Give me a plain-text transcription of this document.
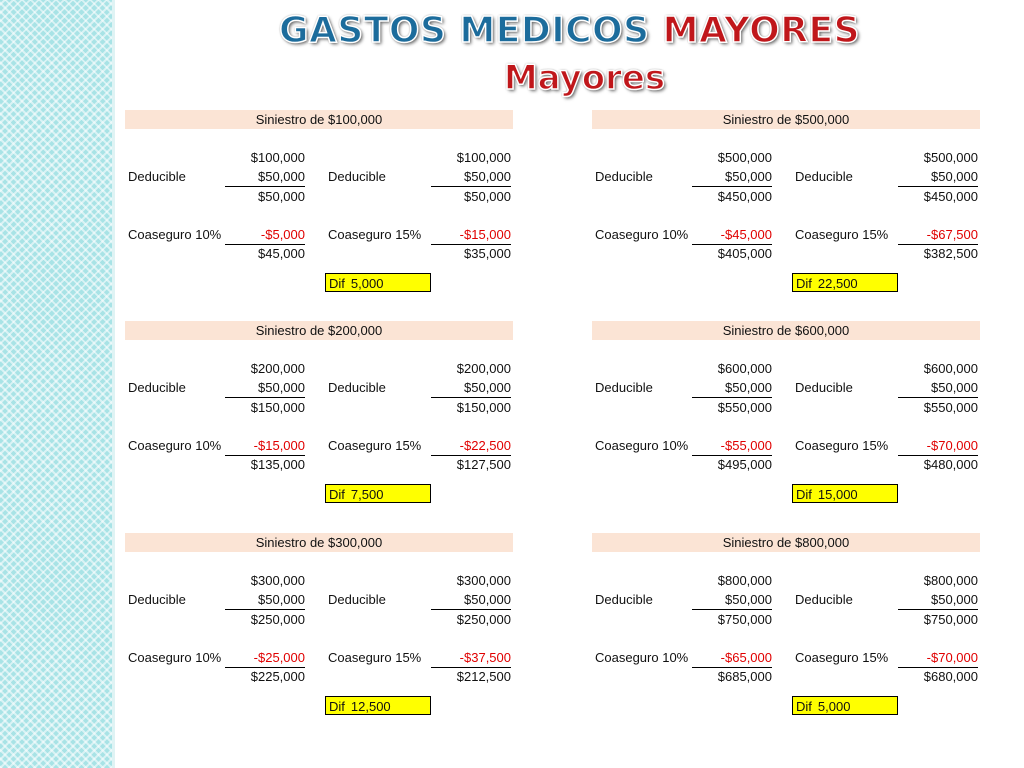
GASTOS MEDICOS MAYORES
Mayores
Siniestro de $100,000
$100,000
Deducible	$50,000
$50,000
Coaseguro 10%	-$5,000
$45,000
$100,000
Deducible	$50,000
$50,000
Coaseguro 15%	-$15,000
$35,000
Dif 5,000
Siniestro de $200,000
$200,000
Deducible	$50,000
$150,000
Coaseguro 10%	-$15,000
$135,000
$200,000
Deducible	$50,000
$150,000
Coaseguro 15%	-$22,500
$127,500
Dif 7,500
Siniestro de $300,000
$300,000
Deducible	$50,000
$250,000
Coaseguro 10%	-$25,000
$225,000
$300,000
Deducible	$50,000
$250,000
Coaseguro 15%	-$37,500
$212,500
Dif 12,500
Siniestro de $500,000
$500,000
Deducible	$50,000
$450,000
Coaseguro 10%	-$45,000
$405,000
$500,000
Deducible	$50,000
$450,000
Coaseguro 15%	-$67,500
$382,500
Dif 22,500
Siniestro de $600,000
$600,000
Deducible	$50,000
$550,000
Coaseguro 10%	-$55,000
$495,000
$600,000
Deducible	$50,000
$550,000
Coaseguro 15%	-$70,000
$480,000
Dif 15,000
Siniestro de $800,000
$800,000
Deducible	$50,000
$750,000
Coaseguro 10%	-$65,000
$685,000
$800,000
Deducible	$50,000
$750,000
Coaseguro 15%	-$70,000
$680,000
Dif 5,000
